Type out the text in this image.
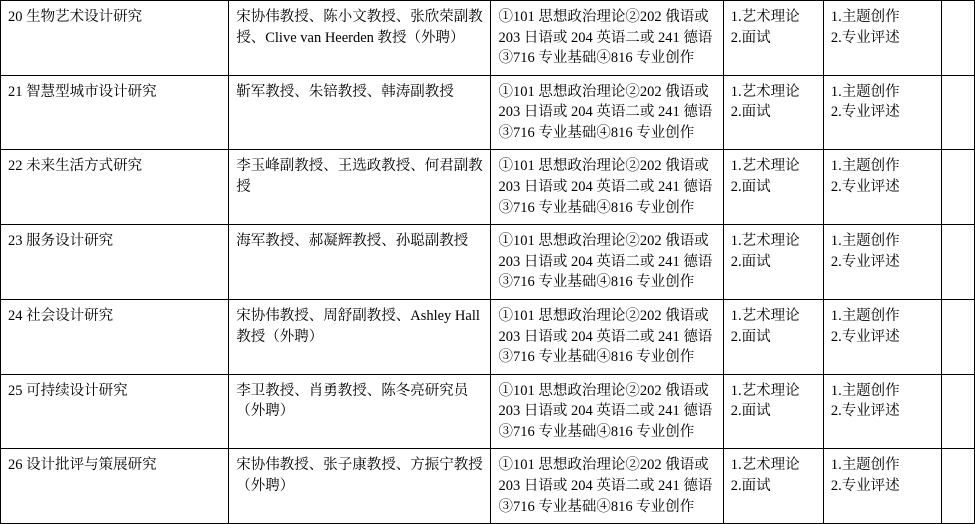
20 生物艺术设计研究	宋协伟教授、陈小文教授、张欣荣副教授、Clive van Heerden 教授（外聘）	①101 思想政治理论②202 俄语或
203 日语或 204 英语二或 241 德语
③716 专业基础④816 专业创作	1.艺术理论
2.面试	1.主题创作
2.专业评述	

21 智慧型城市设计研究	靳军教授、朱锫教授、韩涛副教授	①101 思想政治理论②202 俄语或
203 日语或 204 英语二或 241 德语
③716 专业基础④816 专业创作	1.艺术理论
2.面试	1.主题创作
2.专业评述	

22 未来生活方式研究	李玉峰副教授、王选政教授、何君副教授	①101 思想政治理论②202 俄语或
203 日语或 204 英语二或 241 德语
③716 专业基础④816 专业创作	1.艺术理论
2.面试	1.主题创作
2.专业评述	

23 服务设计研究	海军教授、郝凝辉教授、孙聪副教授	①101 思想政治理论②202 俄语或
203 日语或 204 英语二或 241 德语
③716 专业基础④816 专业创作	1.艺术理论
2.面试	1.主题创作
2.专业评述	

24 社会设计研究	宋协伟教授、周舒副教授、Ashley Hall 教授（外聘）	①101 思想政治理论②202 俄语或
203 日语或 204 英语二或 241 德语
③716 专业基础④816 专业创作	1.艺术理论
2.面试	1.主题创作
2.专业评述	

25 可持续设计研究	李卫教授、肖勇教授、陈冬亮研究员（外聘）	①101 思想政治理论②202 俄语或
203 日语或 204 英语二或 241 德语
③716 专业基础④816 专业创作	1.艺术理论
2.面试	1.主题创作
2.专业评述	

26 设计批评与策展研究	宋协伟教授、张子康教授、方振宁教授（外聘）	①101 思想政治理论②202 俄语或
203 日语或 204 英语二或 241 德语
③716 专业基础④816 专业创作	1.艺术理论
2.面试	1.主题创作
2.专业评述	
